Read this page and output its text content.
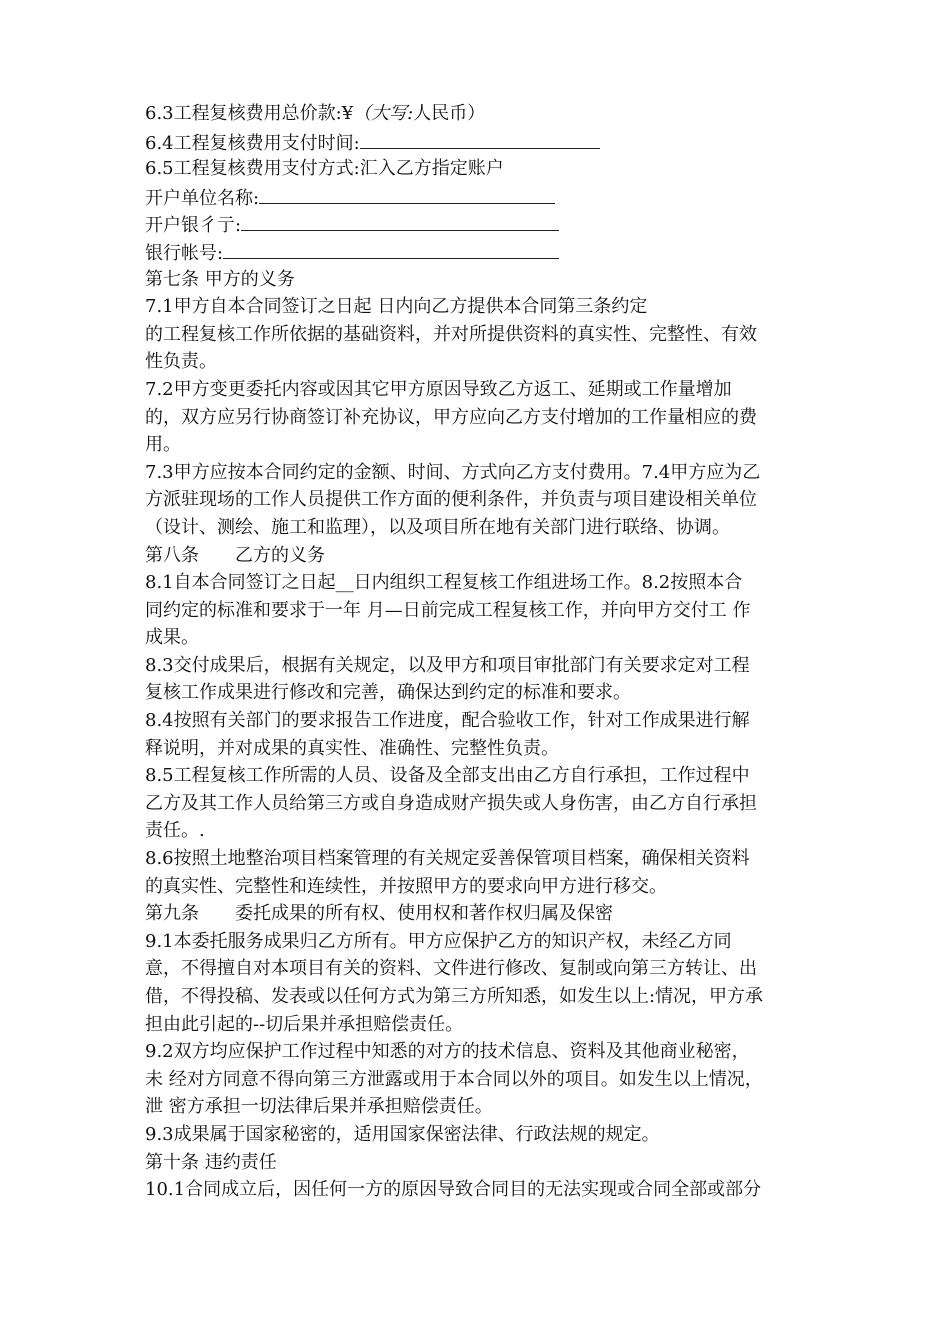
6.3工程复核费用总价款:¥（大写:人民币）
6.4工程复核费用支付时间:
6.5工程复核费用支付方式:汇入乙方指定账户
开户单位名称:
开户银彳亍:
银行帐号:
第七条 甲方的义务
7.1甲方自本合同签订之日起 日内向乙方提供本合同第三条约定
的工程复核工作所依据的基础资料，并对所提供资料的真实性、完整性、有效
性负责。
7.2甲方变更委托内容或因其它甲方原因导致乙方返工、延期或工作量增加
的，双方应另行协商签订补充协议，甲方应向乙方支付增加的工作量相应的费
用。
7.3甲方应按本合同约定的金额、时间、方式向乙方支付费用。7.4甲方应为乙
方派驻现场的工作人员提供工作方面的便利条件，并负责与项目建设相关单位
（设计、测绘、施工和监理），以及项目所在地有关部门进行联络、协调。
第八条　　乙方的义务
8.1自本合同签订之日起__日内组织工程复核工作组进场工作。8.2按照本合
同约定的标准和要求于一年 月—日前完成工程复核工作，并向甲方交付工 作
成果。
8.3交付成果后，根据有关规定，以及甲方和项目审批部门有关要求定对工程
复核工作成果进行修改和完善，确保达到约定的标准和要求。
8.4按照有关部门的要求报告工作进度，配合验收工作，针对工作成果进行解
释说明，并对成果的真实性、准确性、完整性负责。
8.5工程复核工作所需的人员、设备及全部支出由乙方自行承担，工作过程中
乙方及其工作人员给第三方或自身造成财产损失或人身伤害，由乙方自行承担
责任。.
8.6按照土地整治项目档案管理的有关规定妥善保管项目档案，确保相关资料
的真实性、完整性和连续性，并按照甲方的要求向甲方进行移交。
第九条　　委托成果的所有权、使用权和著作权归属及保密
9.1本委托服务成果归乙方所有。甲方应保护乙方的知识产权，未经乙方同
意，不得擅自对本项目有关的资料、文件进行修改、复制或向第三方转让、出
借，不得投稿、发表或以任何方式为第三方所知悉，如发生以上:情况，甲方承
担由此引起的--切后果并承担赔偿责任。
9.2双方均应保护工作过程中知悉的对方的技术信息、资料及其他商业秘密，
未 经对方同意不得向第三方泄露或用于本合同以外的项目。如发生以上情况，
泄 密方承担一切法律后果并承担赔偿责任。
9.3成果属于国家秘密的，适用国家保密法律、行政法规的规定。
第十条 违约责任
10.1合同成立后，因任何一方的原因导致合同目的无法实现或合同全部或部分
